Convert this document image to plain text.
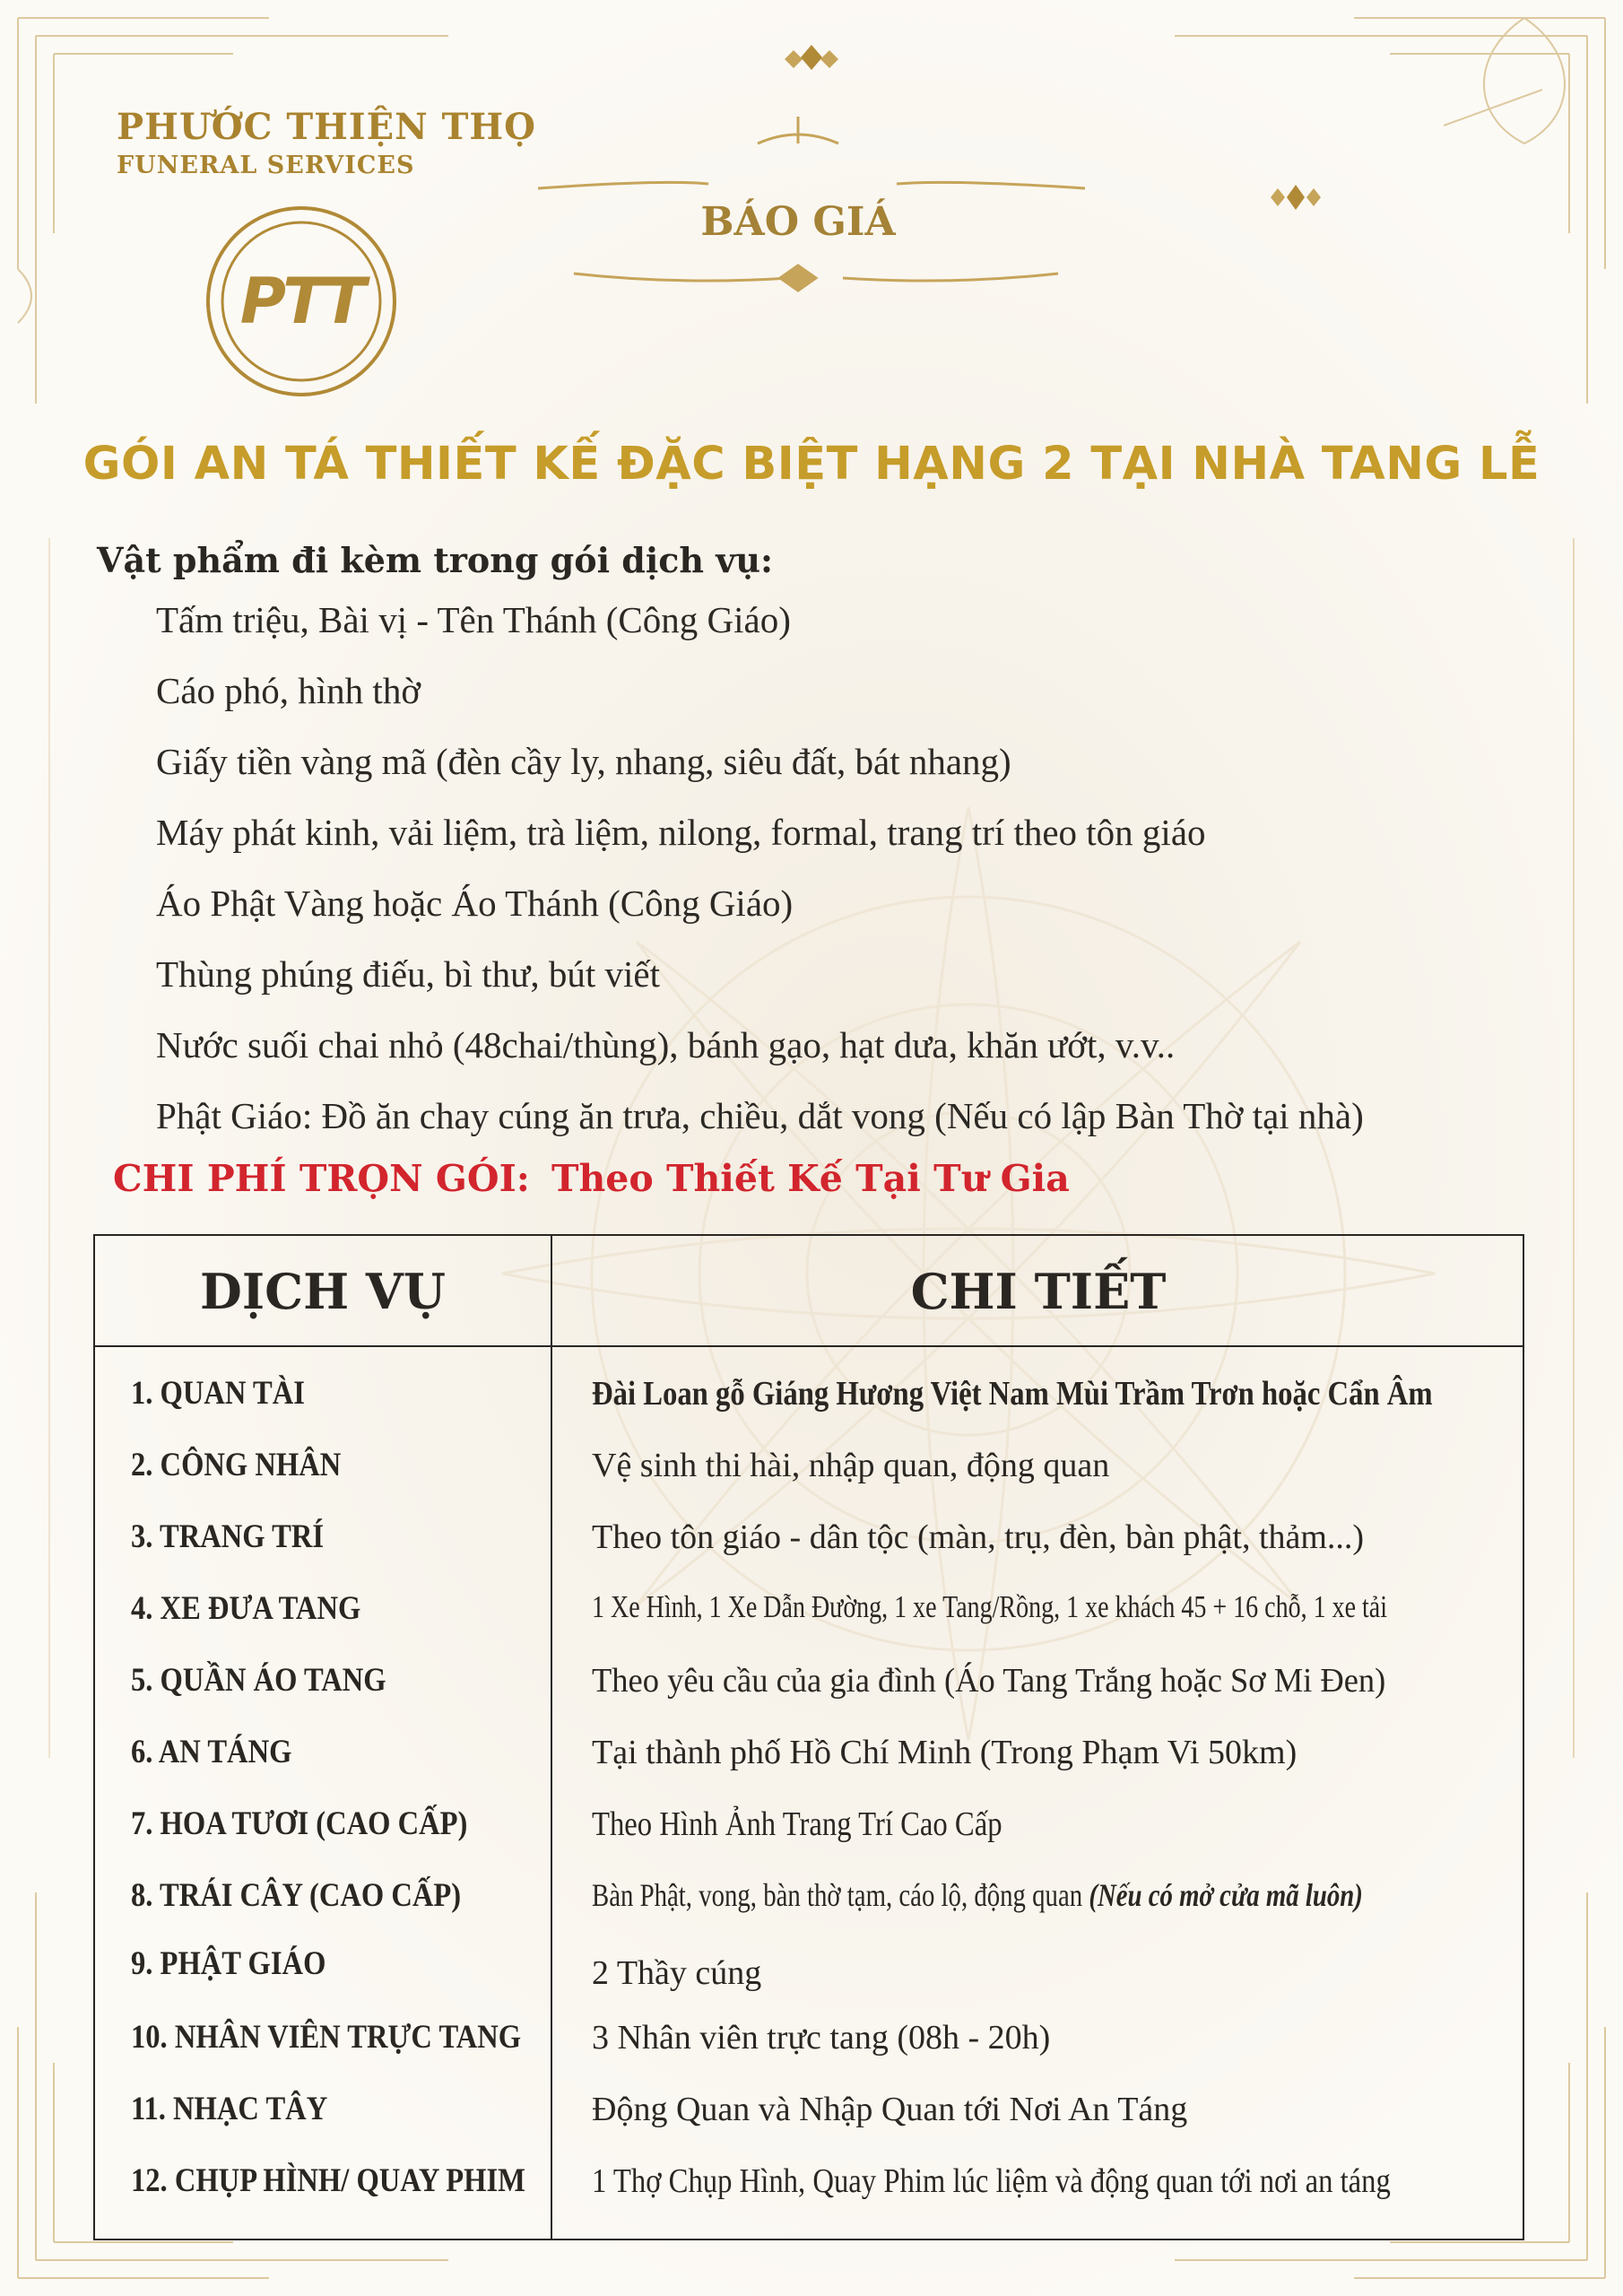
PHƯỚC THIỆN THỌ
FUNERAL SERVICES
PTT
BÁO GIÁ
GÓI AN TÁ THIẾT KẾ ĐẶC BIỆT HẠNG 2 TẠI NHÀ TANG LỄ
Vật phẩm đi kèm trong gói dịch vụ:
Tấm triệu, Bài vị - Tên Thánh (Công Giáo)
Cáo phó, hình thờ
Giấy tiền vàng mã (đèn cầy ly, nhang, siêu đất, bát nhang)
Máy phát kinh, vải liệm, trà liệm, nilong, formal, trang trí theo tôn giáo
Áo Phật Vàng hoặc Áo Thánh (Công Giáo)
Thùng phúng điếu, bì thư, bút viết
Nước suối chai nhỏ (48chai/thùng), bánh gạo, hạt dưa, khăn ướt, v.v..
Phật Giáo: Đồ ăn chay cúng ăn trưa, chiều, dắt vong (Nếu có lập Bàn Thờ tại nhà)
CHI PHÍ TRỌN GÓI: Theo Thiết Kế Tại Tư Gia
DỊCH VỤ	CHI TIẾT
1. QUAN TÀI	Đài Loan gỗ Giáng Hương Việt Nam Mùi Trầm Trơn hoặc Cẩn Âm
2. CÔNG NHÂN	Vệ sinh thi hài, nhập quan, động quan
3. TRANG TRÍ	Theo tôn giáo - dân tộc (màn, trụ, đèn, bàn phật, thảm...)
4. XE ĐƯA TANG	1 Xe Hình, 1 Xe Dẫn Đường, 1 xe Tang/Rồng, 1 xe khách 45 + 16 chỗ, 1 xe tải
5. QUẦN ÁO TANG	Theo yêu cầu của gia đình (Áo Tang Trắng hoặc Sơ Mi Đen)
6. AN TÁNG	Tại thành phố Hồ Chí Minh (Trong Phạm Vi 50km)
7. HOA TƯƠI (CAO CẤP)	Theo Hình Ảnh Trang Trí Cao Cấp
8. TRÁI CÂY (CAO CẤP)	Bàn Phật, vong, bàn thờ tạm, cáo lộ, động quan (Nếu có mở cửa mã luôn)
9. PHẬT GIÁO	2 Thầy cúng
10. NHÂN VIÊN TRỰC TANG 3 Nhân viên trực tang (08h - 20h)
11. NHẠC TÂY	Động Quan và Nhập Quan tới Nơi An Táng
12. CHỤP HÌNH/ QUAY PHIM 1 Thợ Chụp Hình, Quay Phim lúc liệm và động quan tới nơi an táng
